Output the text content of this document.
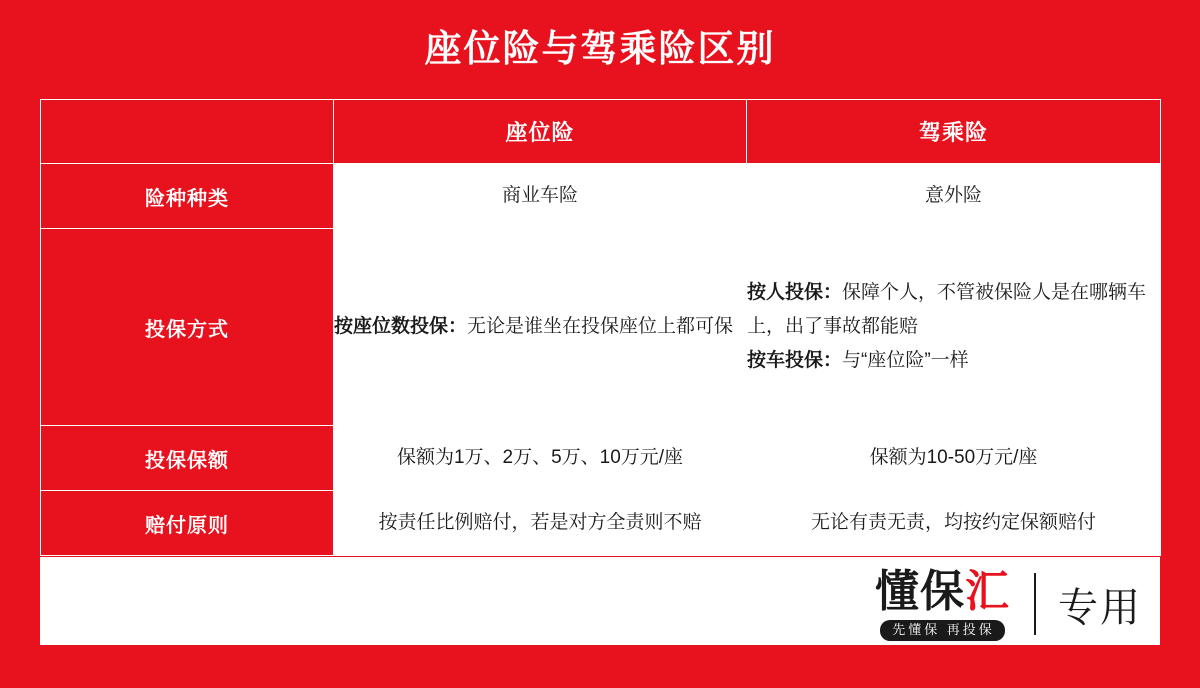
座位险与驾乘险区别
	座位险	驾乘险
险种种类	商业车险	意外险
投保方式	按座位数投保：无论是谁坐在投保座位上都可保	按人投保：保障个人，不管被保险人是在哪辆车上，出了事故都能赔
按车投保：与“座位险”一样
投保保额	保额为1万、2万、5万、10万元/座	保额为10-50万元/座
赔付原则	按责任比例赔付，若是对方全责则不赔	无论有责无责，均按约定保额赔付
懂保汇
先懂保 再投保 专用
